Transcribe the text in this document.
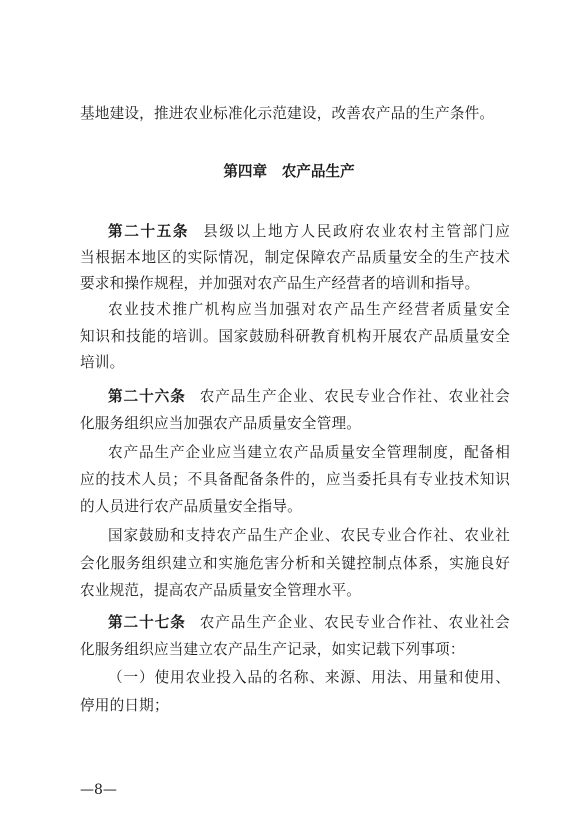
基地建设，推进农业标准化示范建设，改善农产品的生产条件。
第四章　农产品生产
第二十五条 县级以上地方人民政府农业农村主管部门应
当根据本地区的实际情况，制定保障农产品质量安全的生产技术
要求和操作规程，并加强对农产品生产经营者的培训和指导。
农业技术推广机构应当加强对农产品生产经营者质量安全
知识和技能的培训。国家鼓励科研教育机构开展农产品质量安全
培训。
第二十六条 农产品生产企业、农民专业合作社、农业社会
化服务组织应当加强农产品质量安全管理。
农产品生产企业应当建立农产品质量安全管理制度，配备相
应的技术人员；不具备配备条件的，应当委托具有专业技术知识
的人员进行农产品质量安全指导。
国家鼓励和支持农产品生产企业、农民专业合作社、农业社
会化服务组织建立和实施危害分析和关键控制点体系，实施良好
农业规范，提高农产品质量安全管理水平。
第二十七条 农产品生产企业、农民专业合作社、农业社会
化服务组织应当建立农产品生产记录，如实记载下列事项：
（一）使用农业投入品的名称、来源、用法、用量和使用、
停用的日期；
—8—
